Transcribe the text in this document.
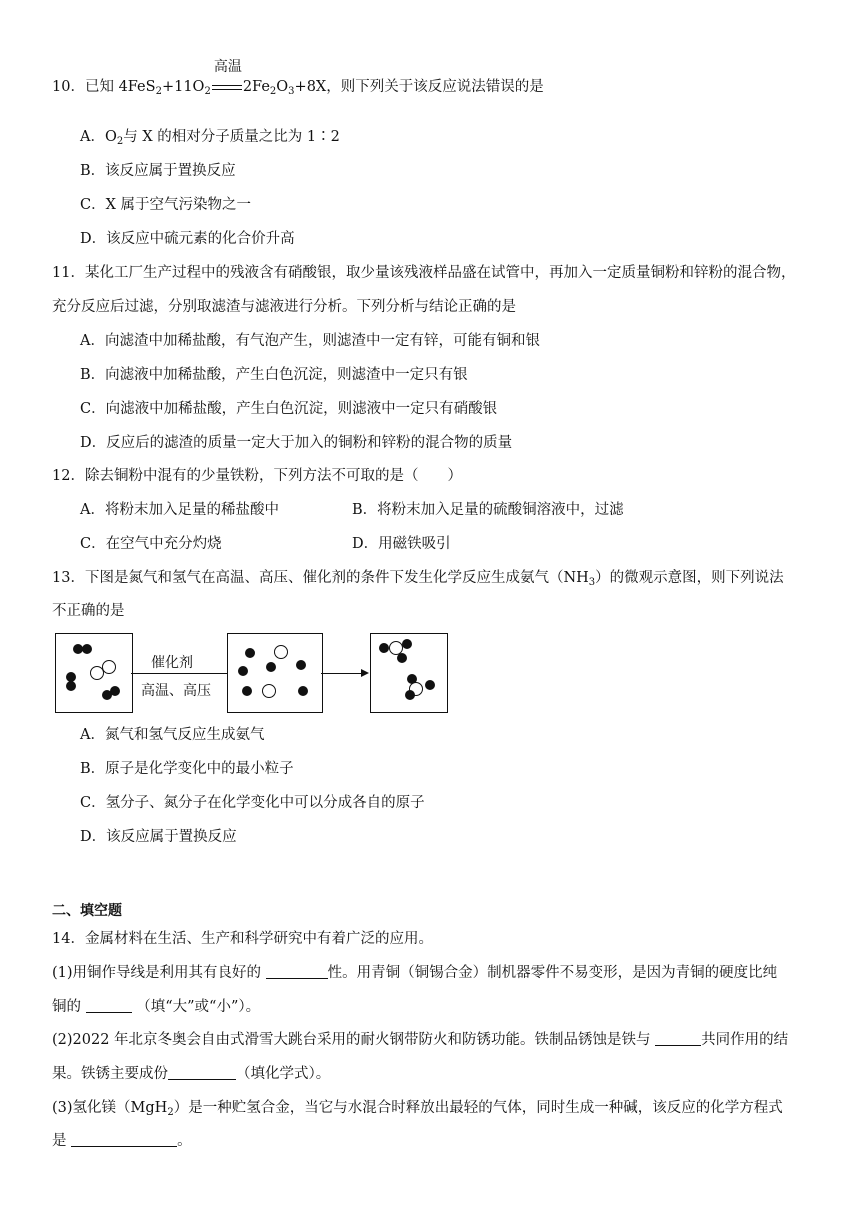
10．已知 $4FeS_2+11O_2$
高温
$2Fe_2O_3+8X$，则下列关于该反应说法错误的是
A．$O_2$与 X 的相对分子质量之比为 1∶2
B．该反应属于置换反应
C．X 属于空气污染物之一
D．该反应中硫元素的化合价升高
11．某化工厂生产过程中的残液含有硝酸银，取少量该残液样品盛在试管中，再加入一定质量铜粉和锌粉的混合物，
充分反应后过滤，分别取滤渣与滤液进行分析。下列分析与结论正确的是
A．向滤渣中加稀盐酸，有气泡产生，则滤渣中一定有锌，可能有铜和银
B．向滤液中加稀盐酸，产生白色沉淀，则滤渣中一定只有银
C．向滤液中加稀盐酸，产生白色沉淀，则滤液中一定只有硝酸银
D．反应后的滤渣的质量一定大于加入的铜粉和锌粉的混合物的质量
12．除去铜粉中混有的少量铁粉，下列方法不可取的是（　　）
A．将粉末加入足量的稀盐酸中	B．将粉末加入足量的硫酸铜溶液中，过滤
C．在空气中充分灼烧	D．用磁铁吸引
13．下图是氮气和氢气在高温、高压、催化剂的条件下发生化学反应生成氨气$(NH_3)$的微观示意图，则下列说法
不正确的是
催化剂
高温、高压
A．氮气和氢气反应生成氨气
B．原子是化学变化中的最小粒子
C．氢分子、氮分子在化学变化中可以分成各自的原子
D．该反应属于置换反应
二、填空题
14．金属材料在生活、生产和科学研究中有着广泛的应用。
(1)用铜作导线是利用其有良好的	性。用青铜（铜锡合金）制机器零件不易变形，是因为青铜的硬度比纯
铜的	（填“大”或“小”）。
(2)2022 年北京冬奥会自由式滑雪大跳台采用的耐火钢带防火和防锈功能。铁制品锈蚀是铁与	共同作用的结
果。铁锈主要成份	（填化学式）。
(3)氢化镁（MgH$_2$）是一种贮氢合金，当它与水混合时释放出最轻的气体，同时生成一种碱，该反应的化学方程式
是	。
